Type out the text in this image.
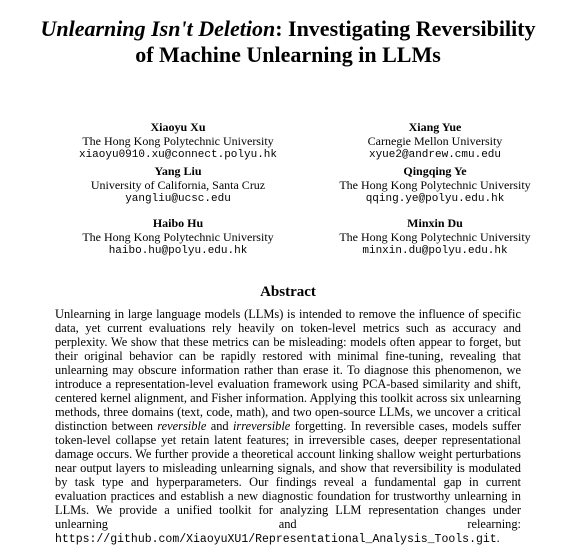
Unlearning Isn't Deletion: Investigating Reversibility
of Machine Unlearning in LLMs
Xiaoyu Xu
The Hong Kong Polytechnic University
xiaoyu0910.xu@connect.polyu.hk
Xiang Yue
Carnegie Mellon University
xyue2@andrew.cmu.edu
Yang Liu
University of California, Santa Cruz
yangliu@ucsc.edu
Qingqing Ye
The Hong Kong Polytechnic University
qqing.ye@polyu.edu.hk
Haibo Hu
The Hong Kong Polytechnic University
haibo.hu@polyu.edu.hk
Minxin Du
The Hong Kong Polytechnic University
minxin.du@polyu.edu.hk
Abstract
Unlearning in large language models (LLMs) is intended to remove the influence of specific data, yet current evaluations rely heavily on token-level metrics such as accuracy and perplexity. We show that these metrics can be misleading: models often appear to forget, but their original behavior can be rapidly restored with minimal fine-tuning, revealing that unlearning may obscure information rather than erase it. To diagnose this phenomenon, we introduce a representation-level evaluation framework using PCA-based similarity and shift, centered kernel alignment, and Fisher information. Applying this toolkit across six unlearning methods, three domains (text, code, math), and two open-source LLMs, we uncover a critical distinction between reversible and irreversible forgetting. In reversible cases, models suffer token-level collapse yet retain latent features; in irreversible cases, deeper representational damage occurs. We further provide a theoretical account linking shallow weight perturbations near output layers to misleading unlearning signals, and show that reversibility is modulated by task type and hyperparameters. Our findings reveal a fundamental gap in current evaluation practices and establish a new diagnostic foundation for trustworthy unlearning in LLMs. We provide a unified toolkit for analyzing LLM representation changes under unlearning and relearning: https://github.com/XiaoyuXU1/Representational_Analysis_Tools.git.
